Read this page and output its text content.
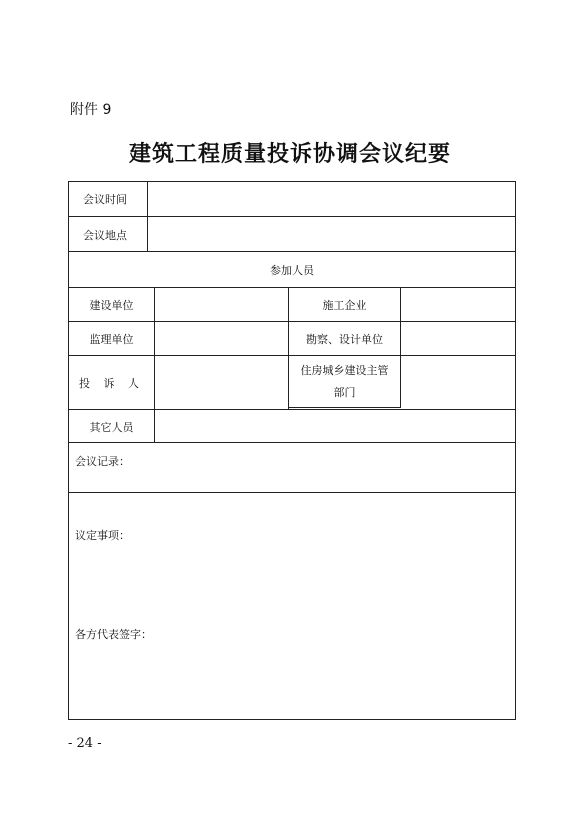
附件 9
建筑工程质量投诉协调会议纪要
会议时间
会议地点
参加人员
建设单位	施工企业
监理单位	勘察、设计单位
投 诉 人
住房城乡建设主管
部门
其它人员
会议记录：
议定事项：
各方代表签字：
- 24 -
